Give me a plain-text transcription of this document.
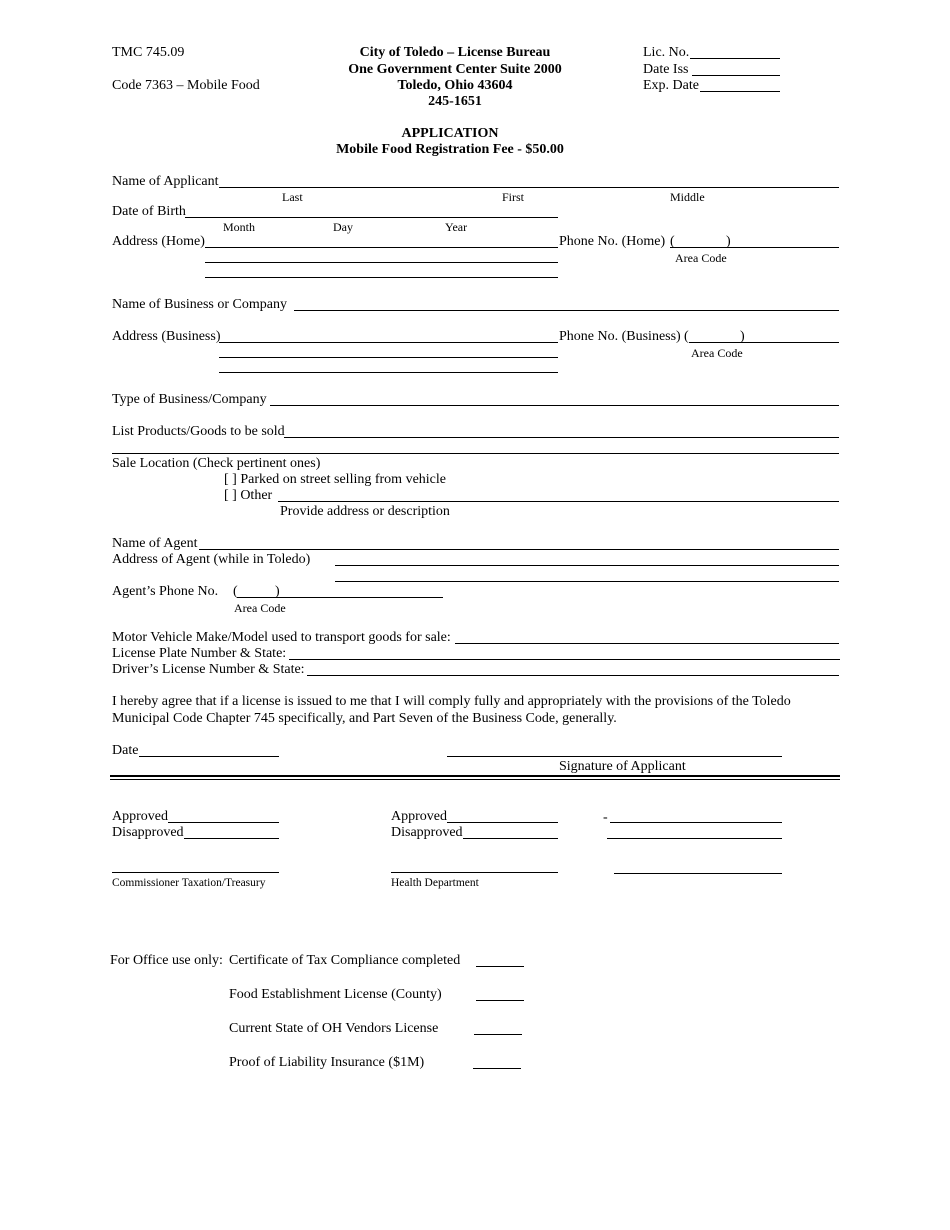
TMC 745.09
Code 7363 – Mobile Food
City of Toledo – License Bureau
One Government Center Suite 2000
Toledo, Ohio 43604
245-1651
Lic. No.
Date Iss
Exp. Date
APPLICATION
Mobile Food Registration Fee - $50.00
Name of Applicant
Last	First	Middle
Date of Birth
Month	Day	Year
Address (Home)	Phone No. (Home) (	)
Area Code
Name of Business or Company
Address (Business)	Phone No. (Business) (	)
Area Code
Type of Business/Company
List Products/Goods to be sold
Sale Location (Check pertinent ones)
[ ] Parked on street selling from vehicle
[ ] Other
Provide address or description
Name of Agent
Address of Agent (while in Toledo)
Agent’s Phone No. (	)
Area Code
Motor Vehicle Make/Model used to transport goods for sale:
License Plate Number & State:
Driver’s License Number & State:
I hereby agree that if a license is issued to me that I will comply fully and appropriately with the provisions of the Toledo
Municipal Code Chapter 745 specifically, and Part Seven of the Business Code, generally.
Date
Signature of Applicant
Approved
Disapproved
Commissioner Taxation/Treasury
Approved
Disapproved
Health Department
-
For Office use only: Certificate of Tax Compliance completed
Food Establishment License (County)
Current State of OH Vendors License
Proof of Liability Insurance ($1M)
